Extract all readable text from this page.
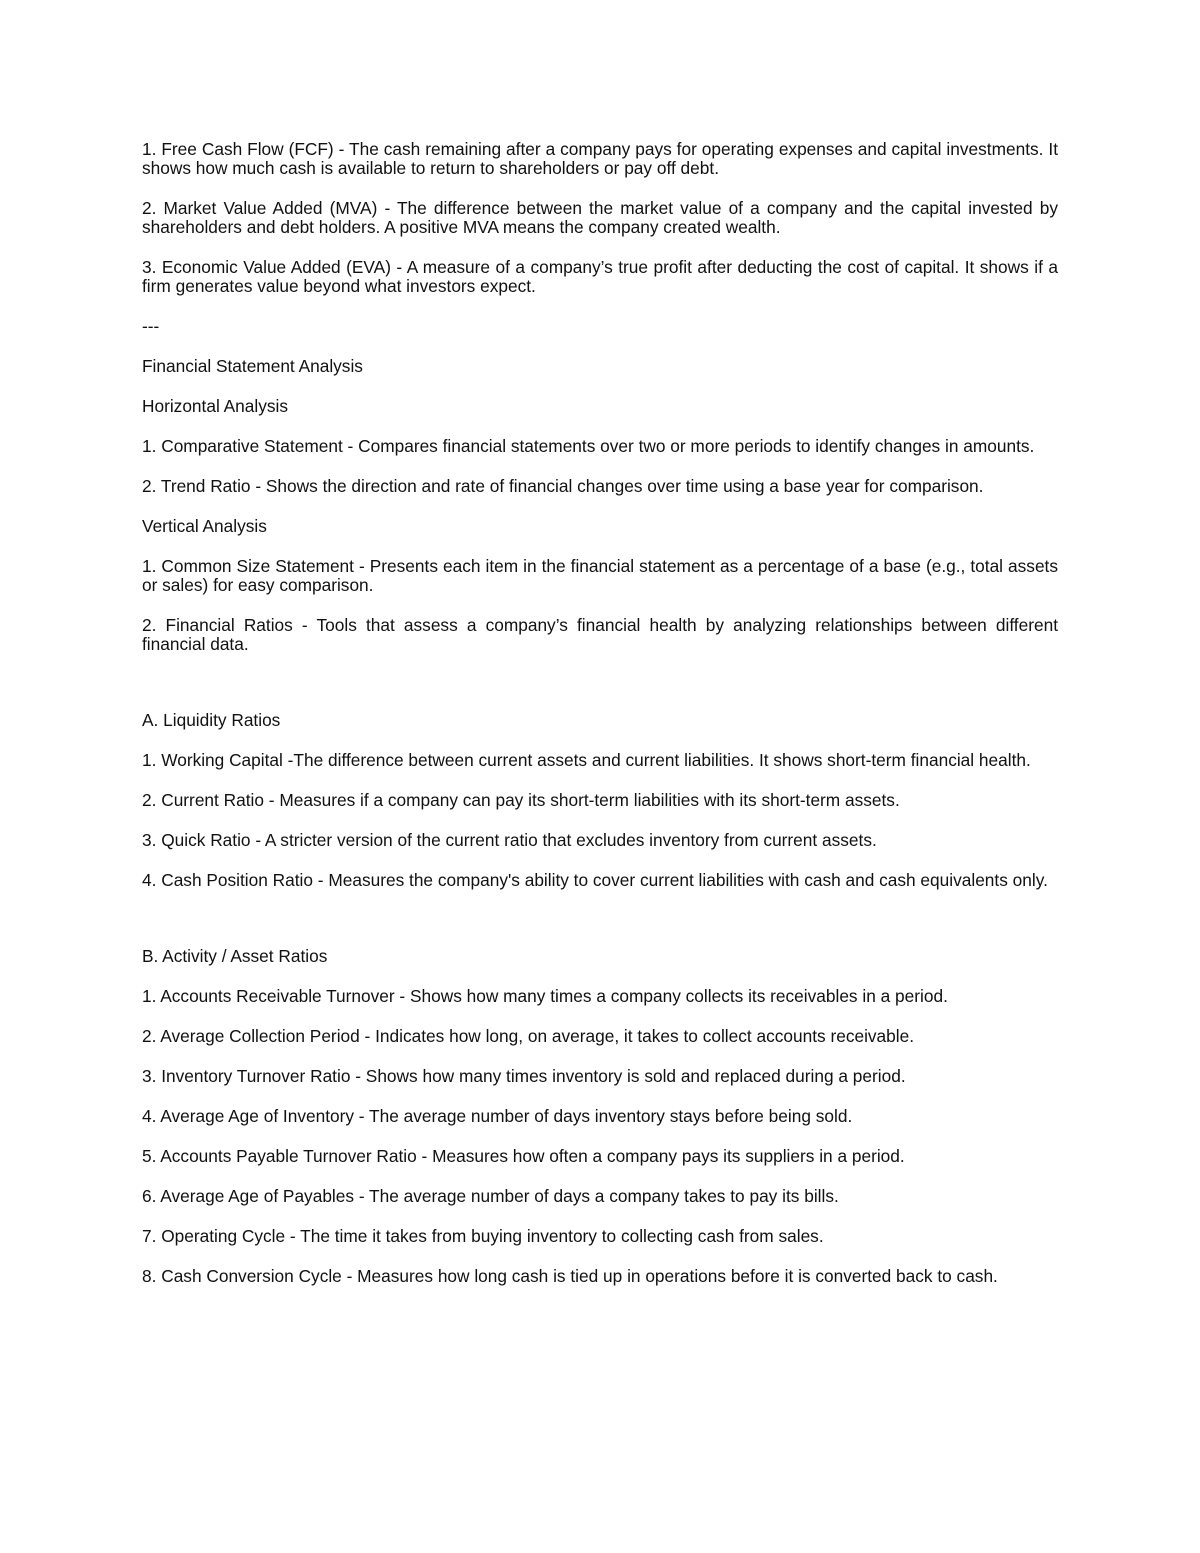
1. Free Cash Flow (FCF) - The cash remaining after a company pays for operating expenses and capital investments. It shows how much cash is available to return to shareholders or pay off debt.

2. Market Value Added (MVA) - The difference between the market value of a company and the capital invested by shareholders and debt holders. A positive MVA means the company created wealth.

3. Economic Value Added (EVA) - A measure of a company’s true profit after deducting the cost of capital. It shows if a firm generates value beyond what investors expect.

---

Financial Statement Analysis

Horizontal Analysis

1. Comparative Statement - Compares financial statements over two or more periods to identify changes in amounts.

2. Trend Ratio - Shows the direction and rate of financial changes over time using a base year for comparison.

Vertical Analysis

1. Common Size Statement - Presents each item in the financial statement as a percentage of a base (e.g., total assets or sales) for easy comparison.

2. Financial Ratios - Tools that assess a company’s financial health by analyzing relationships between different financial data.

A. Liquidity Ratios

1. Working Capital -The difference between current assets and current liabilities. It shows short-term financial health.

2. Current Ratio - Measures if a company can pay its short-term liabilities with its short-term assets.

3. Quick Ratio - A stricter version of the current ratio that excludes inventory from current assets.

4. Cash Position Ratio - Measures the company's ability to cover current liabilities with cash and cash equivalents only.

B. Activity / Asset Ratios

1. Accounts Receivable Turnover - Shows how many times a company collects its receivables in a period.

2. Average Collection Period - Indicates how long, on average, it takes to collect accounts receivable.

3. Inventory Turnover Ratio - Shows how many times inventory is sold and replaced during a period.

4. Average Age of Inventory - The average number of days inventory stays before being sold.

5. Accounts Payable Turnover Ratio - Measures how often a company pays its suppliers in a period.

6. Average Age of Payables - The average number of days a company takes to pay its bills.

7. Operating Cycle - The time it takes from buying inventory to collecting cash from sales.

8. Cash Conversion Cycle - Measures how long cash is tied up in operations before it is converted back to cash.
